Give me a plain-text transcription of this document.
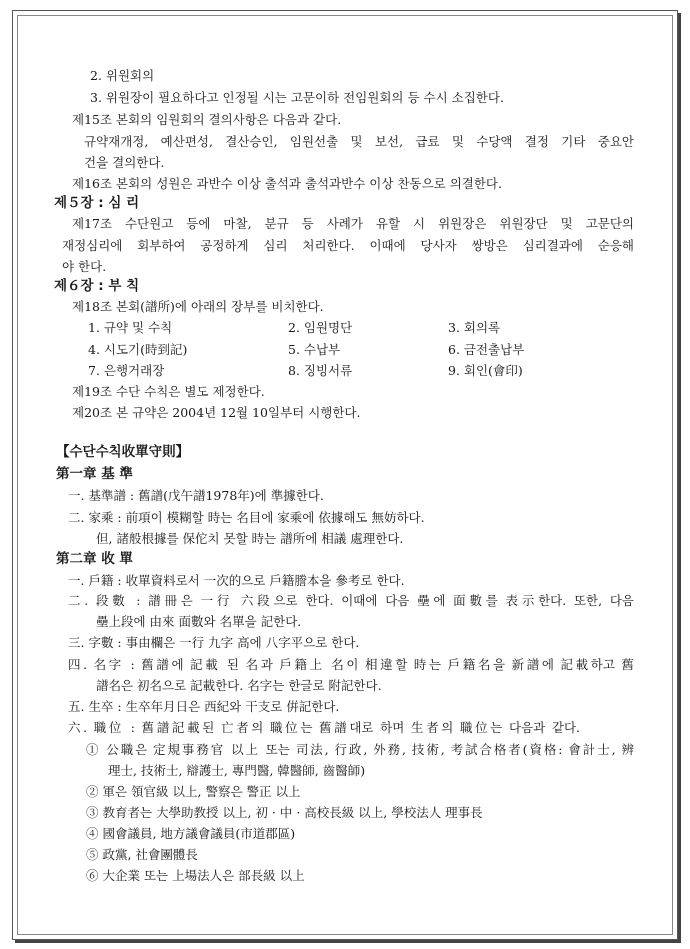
2. 위원회의
3. 위원장이 필요하다고 인정될 시는 고문이하 전임원회의 등 수시 소집한다.
제15조 본회의 임원회의 결의사항은 다음과 같다.
규약재개정, 예산편성, 결산승인, 임원선출 및 보선, 급료 및 수당액 결정 기타 중요안
건을 결의한다.
제16조 본회의 성원은 과반수 이상 출석과 출석과반수 이상 찬동으로 의결한다.
제５장 : 심 리
제17조 수단원고 등에 마찰, 분규 등 사례가 유할 시 위원장은 위원장단 및 고문단의
재정심리에 회부하여 공정하게 심리 처리한다. 이때에 당사자 쌍방은 심리결과에 순응해
야 한다.
제６장 : 부 칙
제18조 본회(譜所)에 아래의 장부를 비치한다.
1. 규약 및 수칙	2. 임원명단	3. 회의록
4. 시도기(時到記)	5. 수납부	6. 금전출납부
7. 은행거래장	8. 징빙서류	9. 회인(會印)
제19조 수단 수칙은 별도 제정한다.
제20조 본 규약은 2004년 12월 10일부터 시행한다.
【수단수칙收單守則】
第一章 基 準
一. 基準譜 : 舊譜(戊午譜1978年)에 準據한다.
二. 家乘 : 前項이 模糊할 時는 名目에 家乘에 依據해도 無妨하다.
但, 諸般根據를 保佗치 못할 時는 譜所에 相議 處理한다.
第二章 收 單
一. 戶籍 : 收單資料로서 一次的으로 戶籍謄本을 參考로 한다.
二. 段數 : 譜冊은 一行 六段으로 한다. 이때에 다음 壘에 面數를 表示한다. 또한, 다음
壘上段에 由來 面數와 名單을 記한다.
三. 字數 : 事由欄은 一行 九字 高에 八字平으로 한다.
四. 名字 : 舊譜에 記載 된 名과 戶籍上 名이 相違할 時는 戶籍名을 新譜에 記載하고 舊
譜名은 初名으로 記載한다. 名字는 한글로 附記한다.
五. 生卒 : 生卒年月日은 西紀와 干支로 倂記한다.
六. 職位 : 舊譜記載된 亡者의 職位는 舊譜대로 하며 生者의 職位는 다음과 같다.
① 公職은 定規事務官 以上 또는 司法, 行政, 外務, 技術, 考試合格者(資格: 會計士, 辨
理士, 技術士, 辯護士, 專門醫, 韓醫師, 齒醫師)
② 軍은 領官級 以上, 警察은 警正 以上
③ 教育者는 大學助教授 以上, 初 · 中 · 高校長級 以上, 學校法人 理事長
④ 國會議員, 地方議會議員(市道郡區)
⑤ 政黨, 社會團體長
⑥ 大企業 또는 上場法人은 部長級 以上
